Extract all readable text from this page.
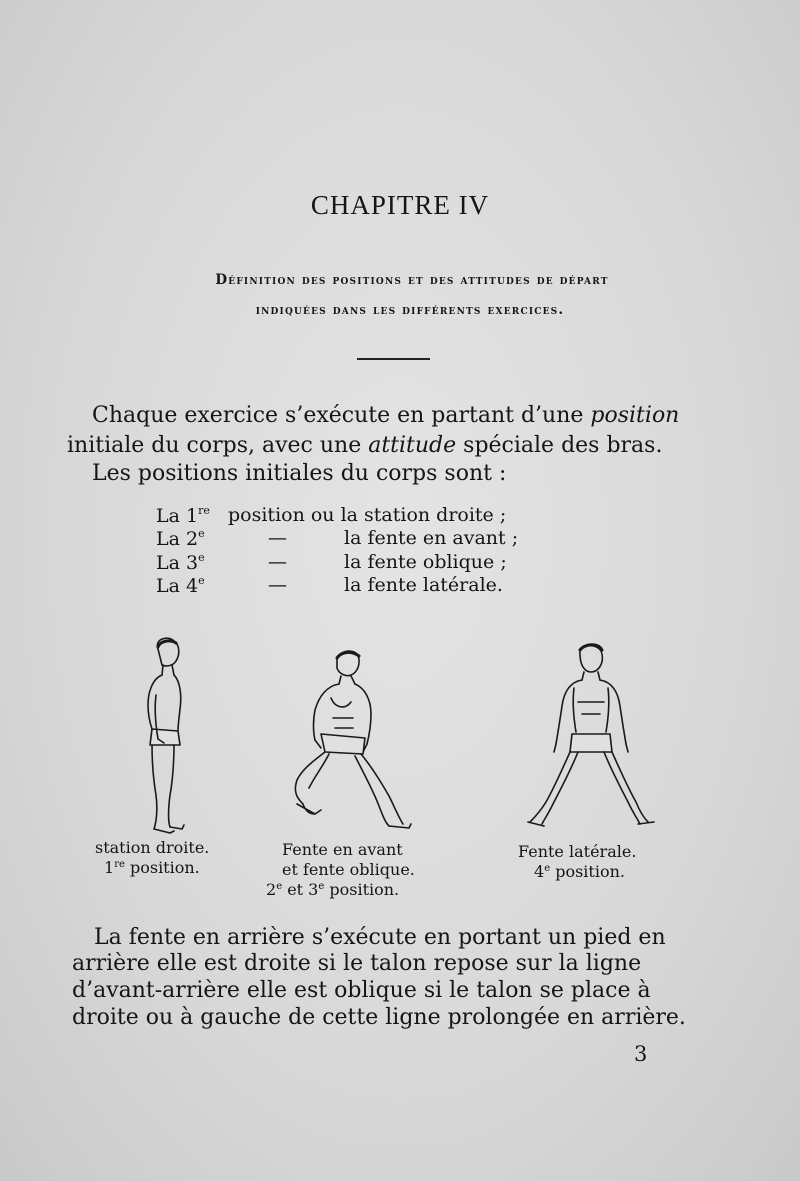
CHAPITRE IV
Définition des positions et des attitudes de départ
indiquées dans les différents exercices.
Chaque exercice s’exécute en partant d’une position
initiale du corps, avec une attitude spéciale des bras.
Les positions initiales du corps sont :
La 1re position ou la station droite ;
La 2e	—	la fente en avant ;
La 3e	—	la fente oblique ;
La 4e	—	la fente latérale.
station droite.
1re position.
Fente en avant
et fente oblique.
2e et 3e position.
Fente latérale.
4e position.
La fente en arrière s’exécute en portant un pied en
arrière elle est droite si le talon repose sur la ligne
d’avant-arrière elle est oblique si le talon se place à
droite ou à gauche de cette ligne prolongée en arrière.
3
